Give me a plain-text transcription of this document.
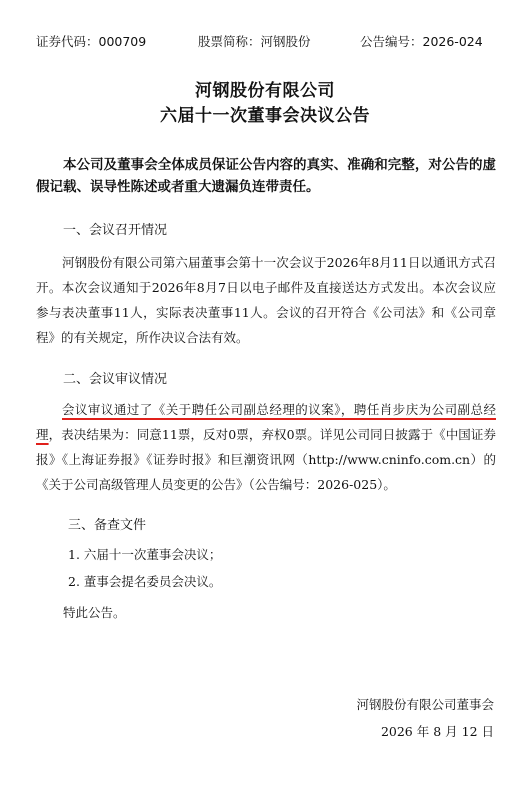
证券代码：000709	股票简称：河钢股份	公告编号：2026-024
河钢股份有限公司
六届十一次董事会决议公告
本公司及董事会全体成员保证公告内容的真实、准确和完整，对公告的虚假记载、误导性陈述或者重大遗漏负连带责任。
一、会议召开情况
河钢股份有限公司第六届董事会第十一次会议于2026年8月11日以通讯方式召开。本次会议通知于2026年8月7日以电子邮件及直接送达方式发出。本次会议应参与表决董事11人，实际表决董事11人。会议的召开符合《公司法》和《公司章程》的有关规定，所作决议合法有效。
二、会议审议情况
会议审议通过了《关于聘任公司副总经理的议案》，聘任肖步庆为公司副总经理，表决结果为：同意11票，反对0票，弃权0票。详见公司同日披露于《中国证券报》《上海证券报》《证券时报》和巨潮资讯网（http://www.cninfo.com.cn）的《关于公司高级管理人员变更的公告》（公告编号：2026-025）。
三、备查文件
1. 六届十一次董事会决议；
2. 董事会提名委员会决议。
特此公告。
河钢股份有限公司董事会
2026 年 8 月 12 日
